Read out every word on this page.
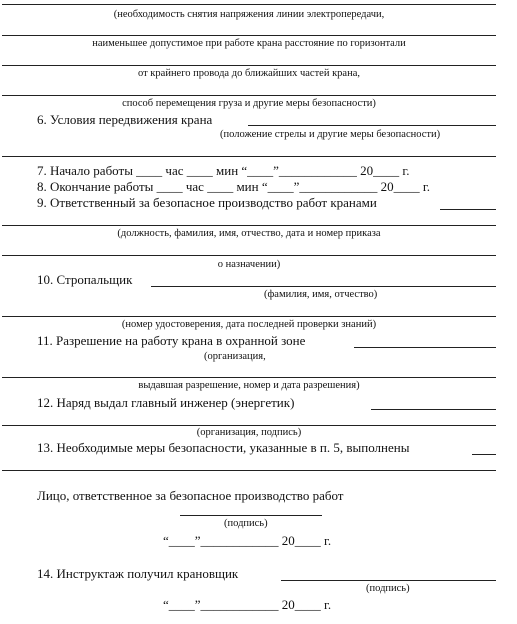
(необходимость снятия напряжения линии электропередачи,
наименьшее допустимое при работе крана расстояние по горизонтали
от крайнего провода до ближайших частей крана,
способ перемещения груза и другие меры безопасности)
6. Условия передвижения крана
(положение стрелы и другие меры безопасности)
7. Начало работы ____ час ____ мин “____”____________ 20____ г.
8. Окончание работы ____ час ____ мин “____”____________ 20____ г.
9. Ответственный за безопасное производство работ кранами
(должность, фамилия, имя, отчество, дата и номер приказа
о назначении)
10. Стропальщик
(фамилия, имя, отчество)
(номер удостоверения, дата последней проверки знаний)
11. Разрешение на работу крана в охранной зоне
(организация,
выдавшая разрешение, номер и дата разрешения)
12. Наряд выдал главный инженер (энергетик)
(организация, подпись)
13. Необходимые меры безопасности, указанные в п. 5, выполнены
Лицо, ответственное за безопасное производство работ
(подпись)
“____”____________ 20____ г.
14. Инструктаж получил крановщик
(подпись)
“____”____________ 20____ г.
